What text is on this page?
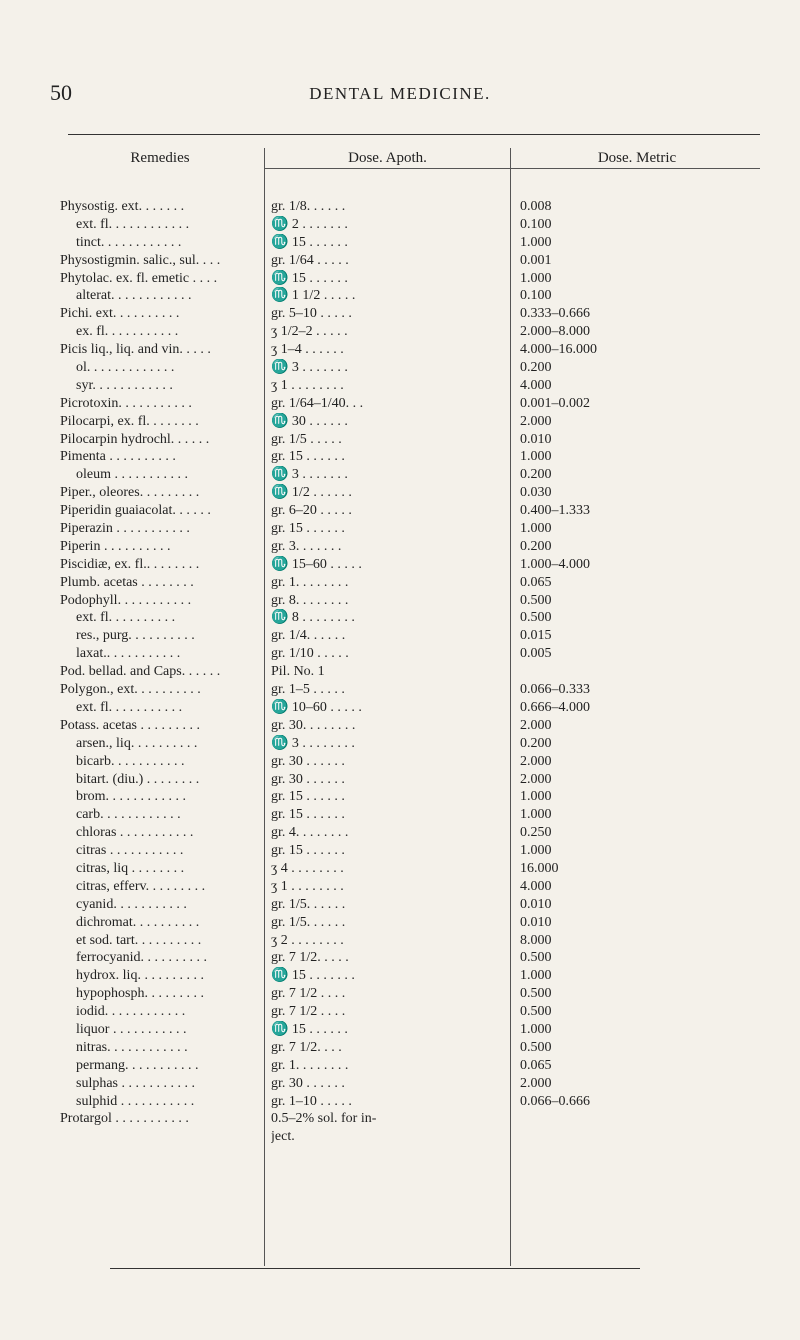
50	DENTAL MEDICINE.
Remedies	Dose. Apoth.	Dose. Metric
Physostig. ext. . . . . . .	gr. 1/8. . . . . .	0.008
ext. fl. . . . . . . . . . . .	♏ 2 . . . . . . .	0.100
tinct. . . . . . . . . . . .	♏ 15 . . . . . .	1.000
Physostigmin. salic., sul. . . .	gr. 1/64 . . . . .	0.001
Phytolac. ex. fl. emetic . . . .	♏ 15 . . . . . .	1.000
alterat. . . . . . . . . . . .	♏ 1 1/2 . . . . .	0.100
Pichi. ext. . . . . . . . . .	gr. 5–10 . . . . .	0.333–0.666
ex. fl. . . . . . . . . . .	ʒ 1/2–2 . . . . .	2.000–8.000
Picis liq., liq. and vin. . . . .	ʒ 1–4 . . . . . .	4.000–16.000
ol. . . . . . . . . . . . .	♏ 3 . . . . . . .	0.200
syr. . . . . . . . . . . .	ʒ 1 . . . . . . . .	4.000
Picrotoxin. . . . . . . . . . .	gr. 1/64–1/40. . .	0.001–0.002
Pilocarpi, ex. fl. . . . . . . .	♏ 30 . . . . . .	2.000
Pilocarpin hydrochl. . . . . .	gr. 1/5 . . . . .	0.010
Pimenta . . . . . . . . . .	gr. 15 . . . . . .	1.000
oleum . . . . . . . . . . .	♏ 3 . . . . . . .	0.200
Piper., oleores. . . . . . . . .	♏ 1/2 . . . . . .	0.030
Piperidin guaiacolat. . . . . .	gr. 6–20 . . . . .	0.400–1.333
Piperazin . . . . . . . . . . .	gr. 15 . . . . . .	1.000
Piperin . . . . . . . . . .	gr. 3. . . . . . .	0.200
Piscidiæ, ex. fl.. . . . . . . .	♏ 15–60 . . . . .	1.000–4.000
Plumb. acetas . . . . . . . .	gr. 1. . . . . . . .	0.065
Podophyll. . . . . . . . . . .	gr. 8. . . . . . . .	0.500
ext. fl. . . . . . . . . .	♏ 8 . . . . . . . .	0.500
res., purg. . . . . . . . . .	gr. 1/4. . . . . .	0.015
laxat.. . . . . . . . . . .	gr. 1/10 . . . . .	0.005
Pod. bellad. and Caps. . . . . .	Pil. No. 1
Polygon., ext. . . . . . . . . .	gr. 1–5 . . . . .	0.066–0.333
ext. fl. . . . . . . . . . .	♏ 10–60 . . . . .	0.666–4.000
Potass. acetas . . . . . . . . .	gr. 30. . . . . . . .	2.000
arsen., liq. . . . . . . . . .	♏ 3 . . . . . . . .	0.200
bicarb. . . . . . . . . . .	gr. 30 . . . . . .	2.000
bitart. (diu.) . . . . . . . .	gr. 30 . . . . . .	2.000
brom. . . . . . . . . . . .	gr. 15 . . . . . .	1.000
carb. . . . . . . . . . . .	gr. 15 . . . . . .	1.000
chloras . . . . . . . . . . .	gr. 4. . . . . . . .	0.250
citras . . . . . . . . . . .	gr. 15 . . . . . .	1.000
citras, liq . . . . . . . .	ʒ 4 . . . . . . . .	16.000
citras, efferv. . . . . . . . .	ʒ 1 . . . . . . . .	4.000
cyanid. . . . . . . . . . .	gr. 1/5. . . . . .	0.010
dichromat. . . . . . . . . .	gr. 1/5. . . . . .	0.010
et sod. tart. . . . . . . . . .	ʒ 2 . . . . . . . .	8.000
ferrocyanid. . . . . . . . . .	gr. 7 1/2. . . . .	0.500
hydrox. liq. . . . . . . . . .	♏ 15 . . . . . . .	1.000
hypophosph. . . . . . . . .	gr. 7 1/2 . . . .	0.500
iodid. . . . . . . . . . . .	gr. 7 1/2 . . . .	0.500
liquor . . . . . . . . . . .	♏ 15 . . . . . .	1.000
nitras. . . . . . . . . . . .	gr. 7 1/2. . . .	0.500
permang. . . . . . . . . . .	gr. 1. . . . . . . .	0.065
sulphas . . . . . . . . . . .	gr. 30 . . . . . .	2.000
sulphid . . . . . . . . . . .	gr. 1–10 . . . . .	0.066–0.666
Protargol . . . . . . . . . . .	0.5–2% sol. for in-
ject.
